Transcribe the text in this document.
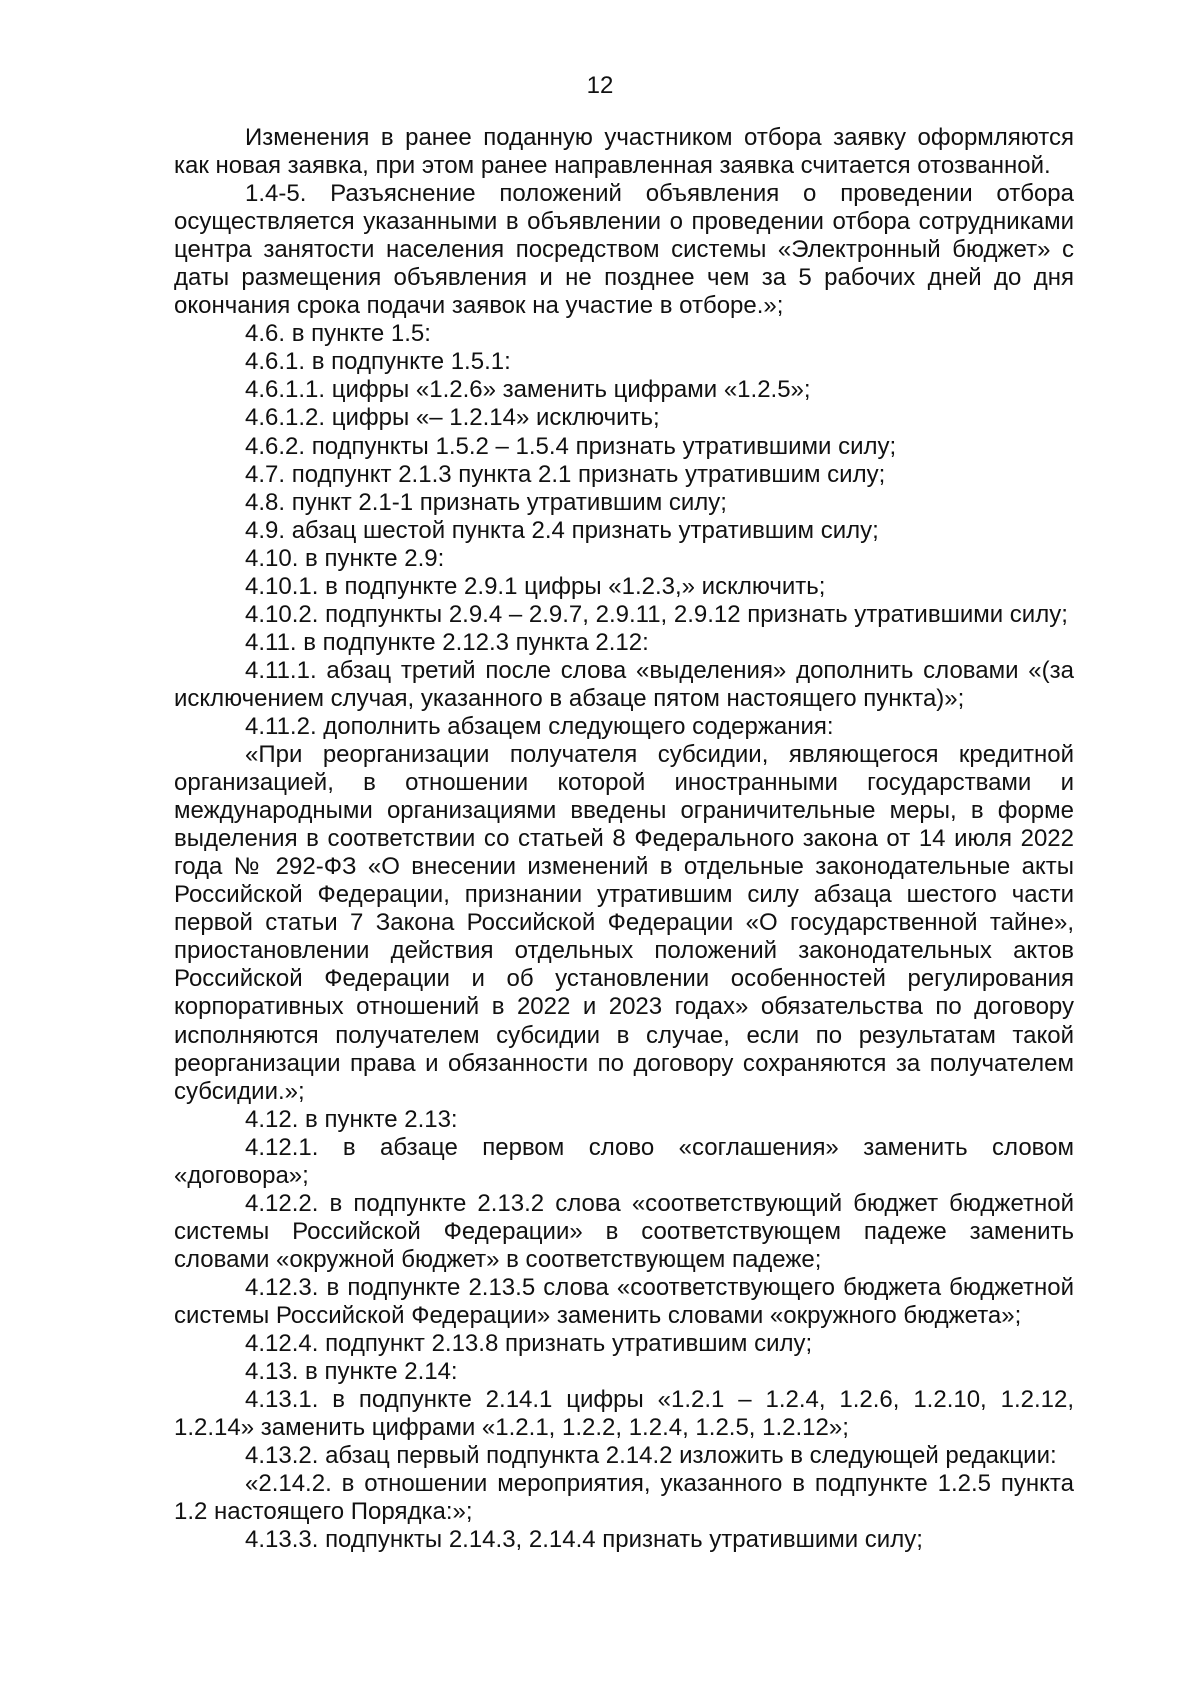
12

Изменения в ранее поданную участником отбора заявку оформляются как новая заявка, при этом ранее направленная заявка считается отозванной.

1.4-5. Разъяснение положений объявления о проведении отбора осуществляется указанными в объявлении о проведении отбора сотрудниками центра занятости населения посредством системы «Электронный бюджет» с даты размещения объявления и не позднее чем за 5 рабочих дней до дня окончания срока подачи заявок на участие в отборе.»;

4.6. в пункте 1.5:

4.6.1. в подпункте 1.5.1:

4.6.1.1. цифры «1.2.6» заменить цифрами «1.2.5»;

4.6.1.2. цифры «– 1.2.14» исключить;

4.6.2. подпункты 1.5.2 – 1.5.4 признать утратившими силу;

4.7. подпункт 2.1.3 пункта 2.1 признать утратившим силу;

4.8. пункт 2.1-1 признать утратившим силу;

4.9. абзац шестой пункта 2.4 признать утратившим силу;

4.10. в пункте 2.9:

4.10.1. в подпункте 2.9.1 цифры «1.2.3,» исключить;

4.10.2. подпункты 2.9.4 – 2.9.7, 2.9.11, 2.9.12 признать утратившими силу;

4.11. в подпункте 2.12.3 пункта 2.12:

4.11.1. абзац третий после слова «выделения» дополнить словами «(за исключением случая, указанного в абзаце пятом настоящего пункта)»;

4.11.2. дополнить абзацем следующего содержания:

«При реорганизации получателя субсидии, являющегося кредитной организацией, в отношении которой иностранными государствами и международными организациями введены ограничительные меры, в форме выделения в соответствии со статьей 8 Федерального закона от 14 июля 2022 года № 292-ФЗ «О внесении изменений в отдельные законодательные акты Российской Федерации, признании утратившим силу абзаца шестого части первой статьи 7 Закона Российской Федерации «О государственной тайне», приостановлении действия отдельных положений законодательных актов Российской Федерации и об установлении особенностей регулирования корпоративных отношений в 2022 и 2023 годах» обязательства по договору исполняются получателем субсидии в случае, если по результатам такой реорганизации права и обязанности по договору сохраняются за получателем субсидии.»;

4.12. в пункте 2.13:

4.12.1. в абзаце первом слово «соглашения» заменить словом «договора»;

4.12.2. в подпункте 2.13.2 слова «соответствующий бюджет бюджетной системы Российской Федерации» в соответствующем падеже заменить словами «окружной бюджет» в соответствующем падеже;

4.12.3. в подпункте 2.13.5 слова «соответствующего бюджета бюджетной системы Российской Федерации» заменить словами «окружного бюджета»;

4.12.4. подпункт 2.13.8 признать утратившим силу;

4.13. в пункте 2.14:

4.13.1. в подпункте 2.14.1 цифры «1.2.1 – 1.2.4, 1.2.6, 1.2.10, 1.2.12, 1.2.14» заменить цифрами «1.2.1, 1.2.2, 1.2.4, 1.2.5, 1.2.12»;

4.13.2. абзац первый подпункта 2.14.2 изложить в следующей редакции:

«2.14.2. в отношении мероприятия, указанного в подпункте 1.2.5 пункта 1.2 настоящего Порядка:»;

4.13.3. подпункты 2.14.3, 2.14.4 признать утратившими силу;
